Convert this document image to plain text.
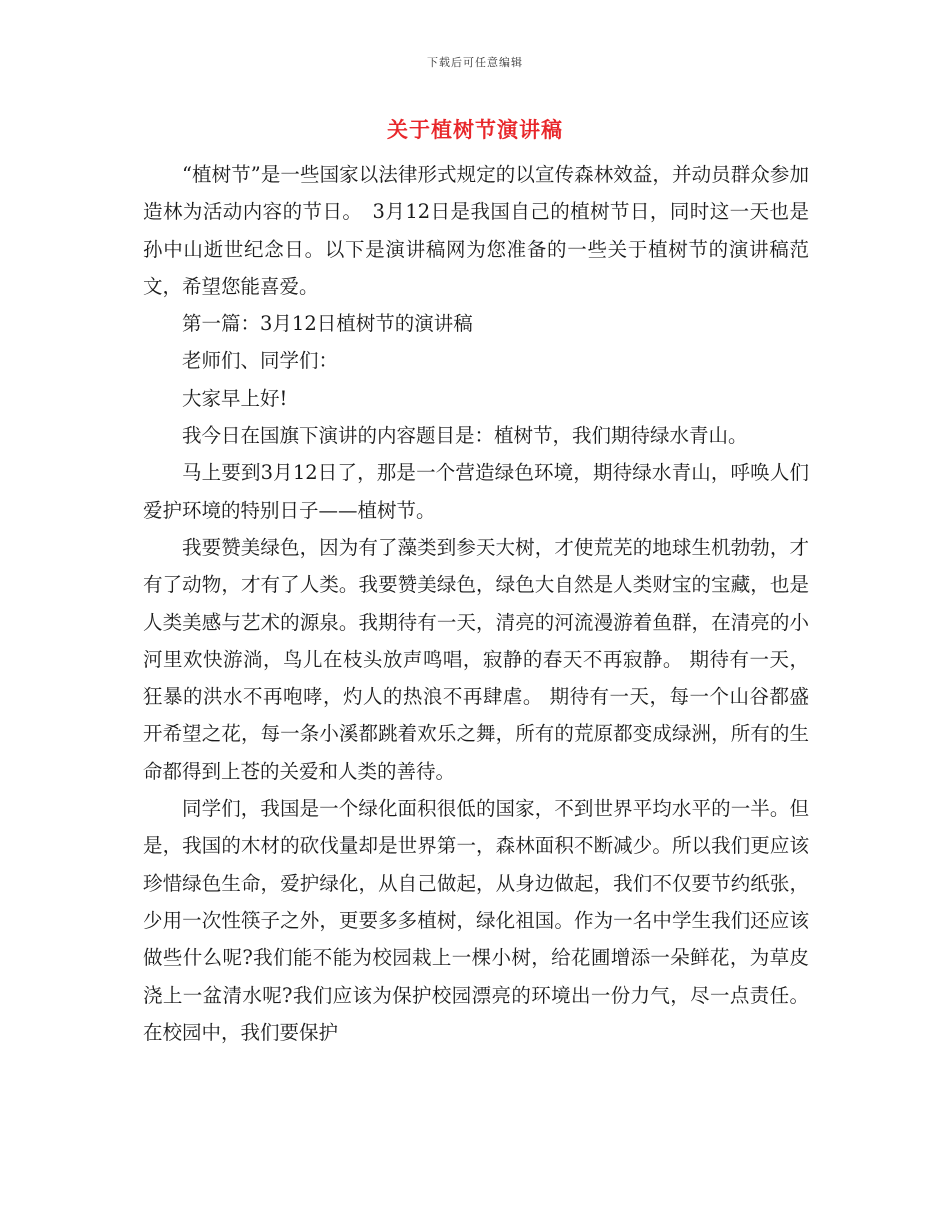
下载后可任意编辑
关于植树节演讲稿

“植树节”是一些国家以法律形式规定的以宣传森林效益，并动员群众参加造林为活动内容的节日。　3月12日是我国自己的植树节日，同时这一天也是孙中山逝世纪念日。以下是演讲稿网为您准备的一些关于植树节的演讲稿范文，希望您能喜爱。

第一篇：3月12日植树节的演讲稿

老师们、同学们：

大家早上好!

我今日在国旗下演讲的内容题目是：植树节，我们期待绿水青山。

马上要到3月12日了，那是一个营造绿色环境，期待绿水青山，呼唤人们爱护环境的特别日子——植树节。

我要赞美绿色，因为有了藻类到参天大树，才使荒芜的地球生机勃勃，才有了动物，才有了人类。我要赞美绿色，绿色大自然是人类财宝的宝藏，也是人类美感与艺术的源泉。我期待有一天，清亮的河流漫游着鱼群，在清亮的小河里欢快游淌，鸟儿在枝头放声鸣唱，寂静的春天不再寂静。 期待有一天，狂暴的洪水不再咆哮，灼人的热浪不再肆虐。 期待有一天，每一个山谷都盛开希望之花，每一条小溪都跳着欢乐之舞，所有的荒原都变成绿洲，所有的生命都得到上苍的关爱和人类的善待。

同学们，我国是一个绿化面积很低的国家，不到世界平均水平的一半。但是，我国的木材的砍伐量却是世界第一，森林面积不断减少。所以我们更应该珍惜绿色生命，爱护绿化，从自己做起，从身边做起，我们不仅要节约纸张，少用一次性筷子之外，更要多多植树，绿化祖国。作为一名中学生我们还应该做些什么呢?我们能不能为校园栽上一棵小树，给花圃增添一朵鲜花，为草皮浇上一盆清水呢?我们应该为保护校园漂亮的环境出一份力气，尽一点责任。在校园中，我们要保护
